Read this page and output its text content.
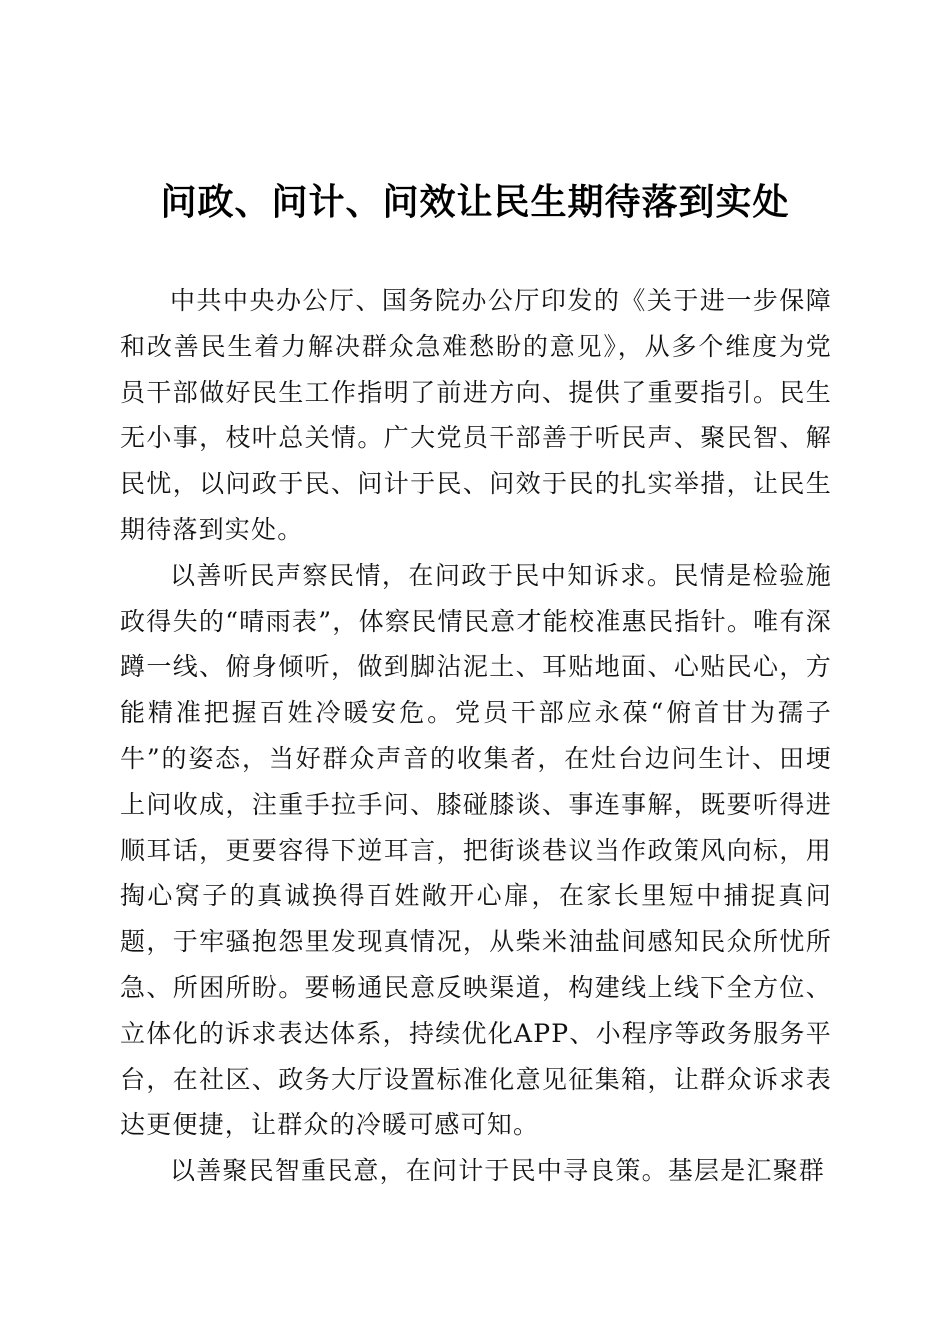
问政、问计、问效让民生期待落到实处

中共中央办公厅、国务院办公厅印发的《关于进一步保障和改善民生着力解决群众急难愁盼的意见》，从多个维度为党员干部做好民生工作指明了前进方向、提供了重要指引。民生无小事，枝叶总关情。广大党员干部善于听民声、聚民智、解民忧，以问政于民、问计于民、问效于民的扎实举措，让民生期待落到实处。

以善听民声察民情，在问政于民中知诉求。民情是检验施政得失的“晴雨表”，体察民情民意才能校准惠民指针。唯有深蹲一线、俯身倾听，做到脚沾泥土、耳贴地面、心贴民心，方能精准把握百姓冷暖安危。党员干部应永葆“俯首甘为孺子牛”的姿态，当好群众声音的收集者，在灶台边问生计、田埂上问收成，注重手拉手问、膝碰膝谈、事连事解，既要听得进顺耳话，更要容得下逆耳言，把街谈巷议当作政策风向标，用掏心窝子的真诚换得百姓敞开心扉，在家长里短中捕捉真问题，于牢骚抱怨里发现真情况，从柴米油盐间感知民众所忧所急、所困所盼。要畅通民意反映渠道，构建线上线下全方位、立体化的诉求表达体系，持续优化APP、小程序等政务服务平台，在社区、政务大厅设置标准化意见征集箱，让群众诉求表达更便捷，让群众的冷暖可感可知。

以善聚民智重民意，在问计于民中寻良策。基层是汇聚群
